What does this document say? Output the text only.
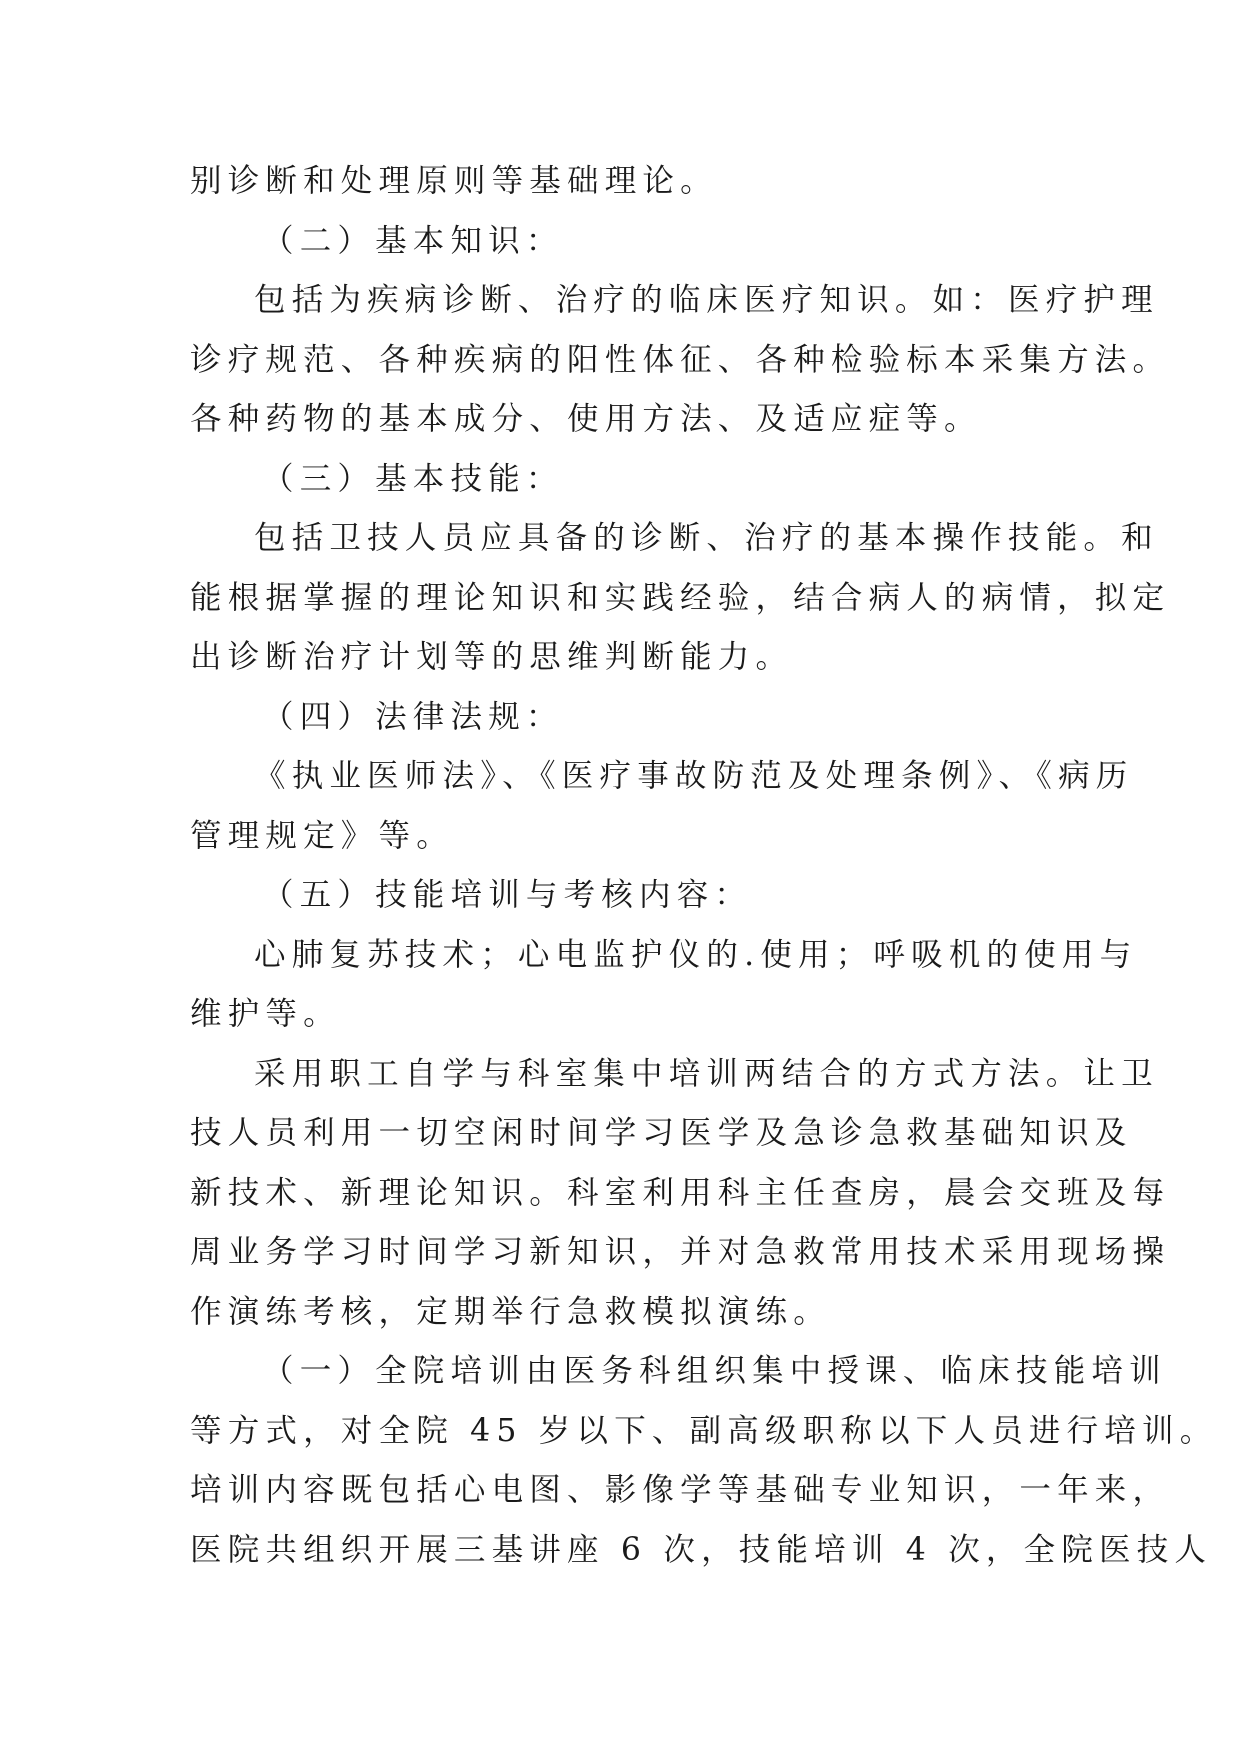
别诊断和处理原则等基础理论。

（二）基本知识：

包括为疾病诊断、治疗的临床医疗知识。如：医疗护理

诊疗规范、各种疾病的阳性体征、各种检验标本采集方法。

各种药物的基本成分、使用方法、及适应症等。

（三）基本技能：

包括卫技人员应具备的诊断、治疗的基本操作技能。和

能根据掌握的理论知识和实践经验，结合病人的病情，拟定

出诊断治疗计划等的思维判断能力。

（四）法律法规：

《执业医师法》、《医疗事故防范及处理条例》、《病历

管理规定》等。

（五）技能培训与考核内容：

心肺复苏技术；心电监护仪的.使用；呼吸机的使用与

维护等。

采用职工自学与科室集中培训两结合的方式方法。让卫

技人员利用一切空闲时间学习医学及急诊急救基础知识及

新技术、新理论知识。科室利用科主任查房，晨会交班及每

周业务学习时间学习新知识，并对急救常用技术采用现场操

作演练考核，定期举行急救模拟演练。

（一）全院培训由医务科组织集中授课、临床技能培训

等方式，对全院 45 岁以下、副高级职称以下人员进行培训。

培训内容既包括心电图、影像学等基础专业知识，一年来，

医院共组织开展三基讲座 6 次，技能培训 4 次，全院医技人
